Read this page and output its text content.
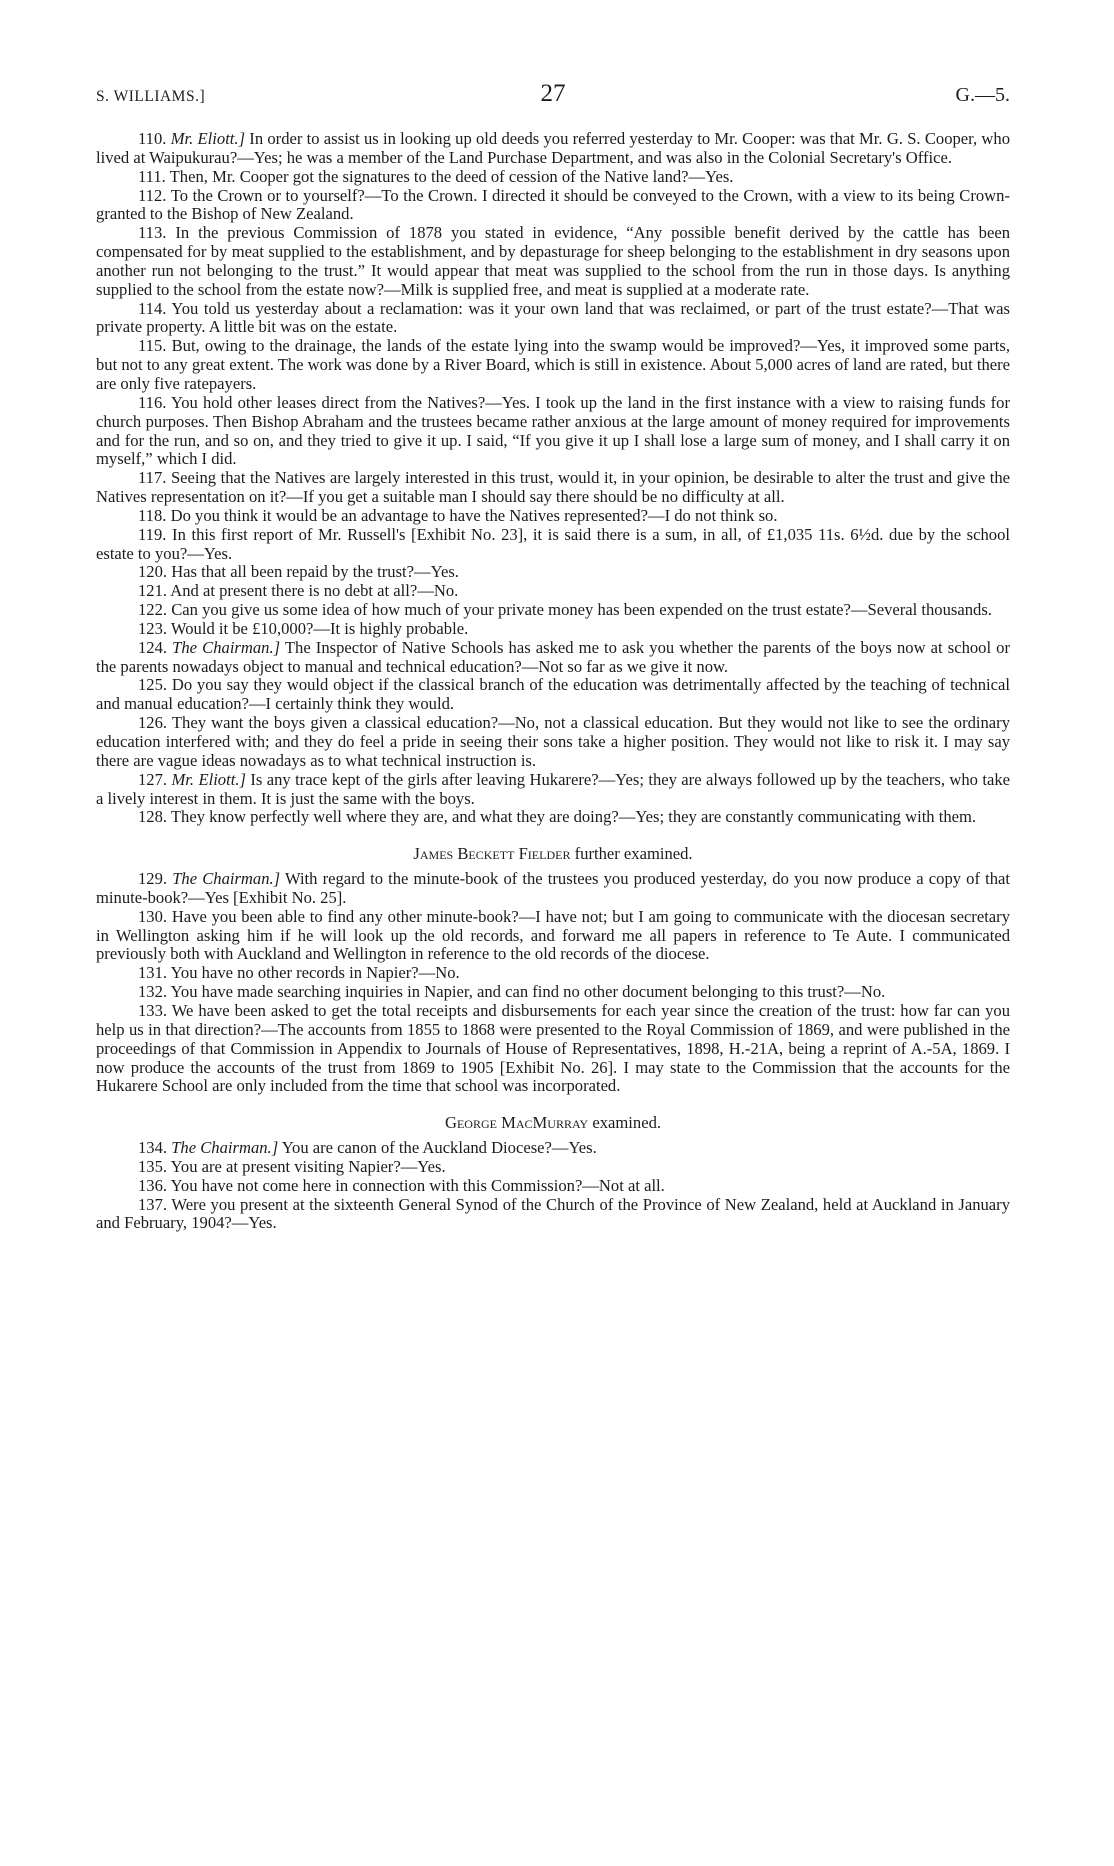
S. WILLIAMS.]	27	G.—5.

110. Mr. Eliott.] In order to assist us in looking up old deeds you referred yesterday to Mr. Cooper: was that Mr. G. S. Cooper, who lived at Waipukurau?—Yes; he was a member of the Land Purchase Department, and was also in the Colonial Secretary's Office.

111. Then, Mr. Cooper got the signatures to the deed of cession of the Native land?—Yes.

112. To the Crown or to yourself?—To the Crown. I directed it should be conveyed to the Crown, with a view to its being Crown-granted to the Bishop of New Zealand.

113. In the previous Commission of 1878 you stated in evidence, “Any possible benefit derived by the cattle has been compensated for by meat supplied to the establishment, and by depasturage for sheep belonging to the establishment in dry seasons upon another run not belonging to the trust.” It would appear that meat was supplied to the school from the run in those days. Is anything supplied to the school from the estate now?—Milk is supplied free, and meat is supplied at a moderate rate.

114. You told us yesterday about a reclamation: was it your own land that was reclaimed, or part of the trust estate?—That was private property. A little bit was on the estate.

115. But, owing to the drainage, the lands of the estate lying into the swamp would be improved?—Yes, it improved some parts, but not to any great extent. The work was done by a River Board, which is still in existence. About 5,000 acres of land are rated, but there are only five ratepayers.

116. You hold other leases direct from the Natives?—Yes. I took up the land in the first instance with a view to raising funds for church purposes. Then Bishop Abraham and the trustees became rather anxious at the large amount of money required for improvements and for the run, and so on, and they tried to give it up. I said, “If you give it up I shall lose a large sum of money, and I shall carry it on myself,” which I did.

117. Seeing that the Natives are largely interested in this trust, would it, in your opinion, be desirable to alter the trust and give the Natives representation on it?—If you get a suitable man I should say there should be no difficulty at all.

118. Do you think it would be an advantage to have the Natives represented?—I do not think so.

119. In this first report of Mr. Russell's [Exhibit No. 23], it is said there is a sum, in all, of £1,035 11s. 6½d. due by the school estate to you?—Yes.

120. Has that all been repaid by the trust?—Yes.

121. And at present there is no debt at all?—No.

122. Can you give us some idea of how much of your private money has been expended on the trust estate?—Several thousands.

123. Would it be £10,000?—It is highly probable.

124. The Chairman.] The Inspector of Native Schools has asked me to ask you whether the parents of the boys now at school or the parents nowadays object to manual and technical education?—Not so far as we give it now.

125. Do you say they would object if the classical branch of the education was detrimentally affected by the teaching of technical and manual education?—I certainly think they would.

126. They want the boys given a classical education?—No, not a classical education. But they would not like to see the ordinary education interfered with; and they do feel a pride in seeing their sons take a higher position. They would not like to risk it. I may say there are vague ideas nowadays as to what technical instruction is.

127. Mr. Eliott.] Is any trace kept of the girls after leaving Hukarere?—Yes; they are always followed up by the teachers, who take a lively interest in them. It is just the same with the boys.

128. They know perfectly well where they are, and what they are doing?—Yes; they are constantly communicating with them.

James Beckett Fielder further examined.

129. The Chairman.] With regard to the minute-book of the trustees you produced yesterday, do you now produce a copy of that minute-book?—Yes [Exhibit No. 25].

130. Have you been able to find any other minute-book?—I have not; but I am going to communicate with the diocesan secretary in Wellington asking him if he will look up the old records, and forward me all papers in reference to Te Aute. I communicated previously both with Auckland and Wellington in reference to the old records of the diocese.

131. You have no other records in Napier?—No.

132. You have made searching inquiries in Napier, and can find no other document belonging to this trust?—No.

133. We have been asked to get the total receipts and disbursements for each year since the creation of the trust: how far can you help us in that direction?—The accounts from 1855 to 1868 were presented to the Royal Commission of 1869, and were published in the proceedings of that Commission in Appendix to Journals of House of Representatives, 1898, H.-21A, being a reprint of A.-5A, 1869. I now produce the accounts of the trust from 1869 to 1905 [Exhibit No. 26]. I may state to the Commission that the accounts for the Hukarere School are only included from the time that school was incorporated.

George MacMurray examined.

134. The Chairman.] You are canon of the Auckland Diocese?—Yes.

135. You are at present visiting Napier?—Yes.

136. You have not come here in connection with this Commission?—Not at all.

137. Were you present at the sixteenth General Synod of the Church of the Province of New Zealand, held at Auckland in January and February, 1904?—Yes.
